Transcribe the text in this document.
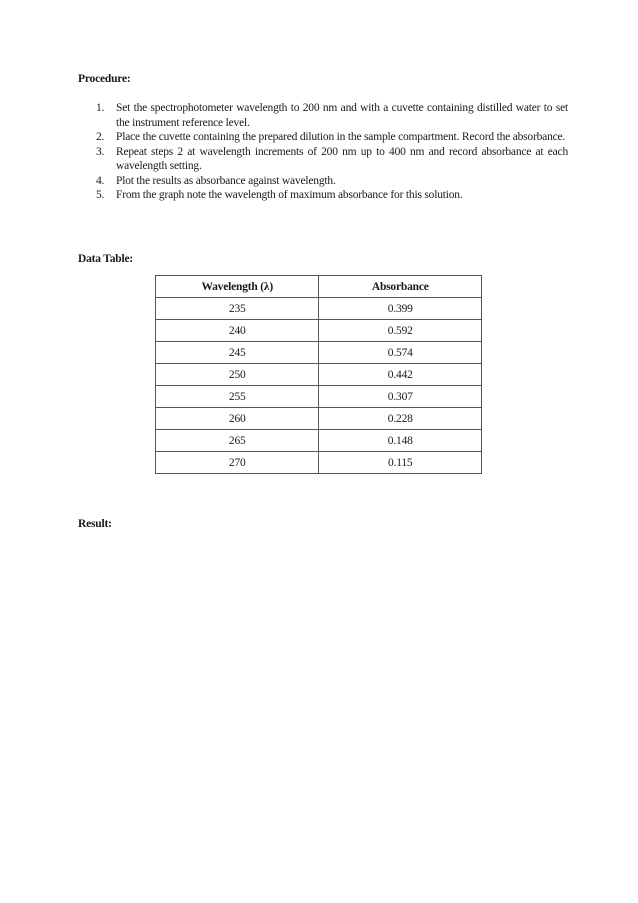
Procedure:
1. Set the spectrophotometer wavelength to 200 nm and with a cuvette containing distilled water to set the instrument reference level.
2. Place the cuvette containing the prepared dilution in the sample compartment. Record the absorbance.
3. Repeat steps 2 at wavelength increments of 200 nm up to 400 nm and record absorbance at each wavelength setting.
4. Plot the results as absorbance against wavelength.
5. From the graph note the wavelength of maximum absorbance for this solution.
Data Table:
Wavelength (λ)	Absorbance
235	0.399
240	0.592
245	0.574
250	0.442
255	0.307
260	0.228
265	0.148
270	0.115
Result:
